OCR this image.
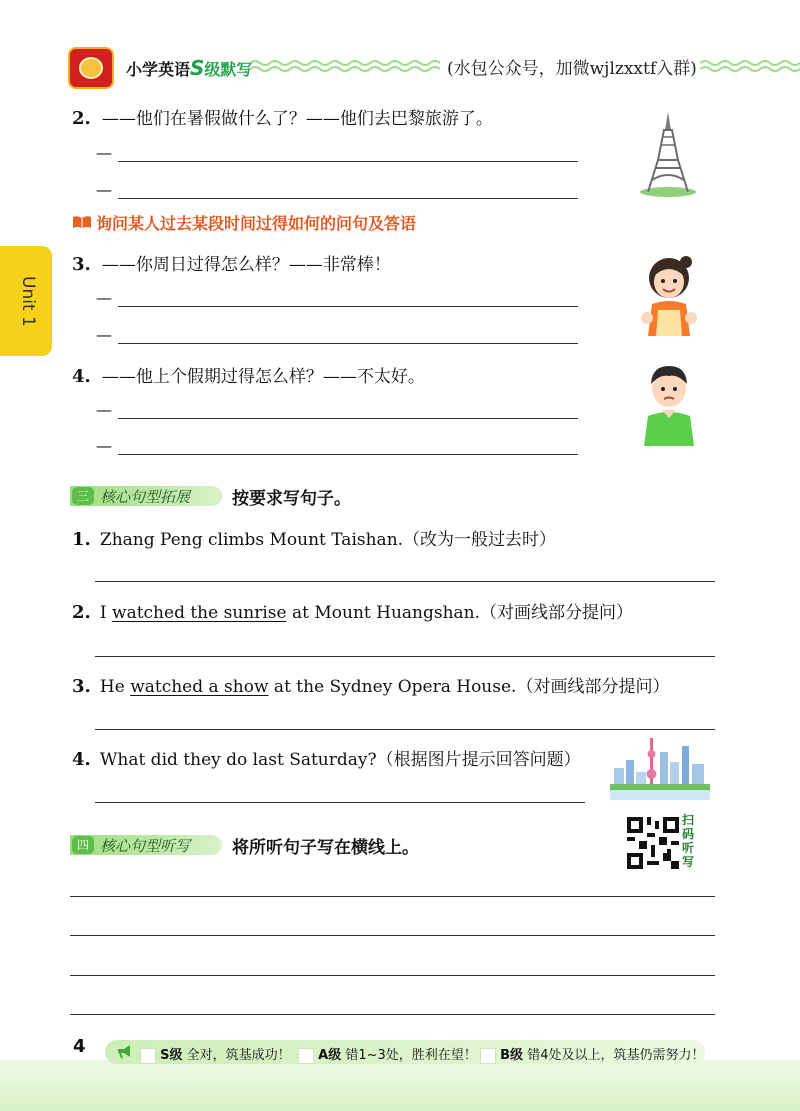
小学英语S级默写	(水包公众号，加微wjlzxxtf入群)
Unit 1
2. ——他们在暑假做什么了？——他们去巴黎旅游了。
—
—
询问某人过去某段时间过得如何的问句及答语
3. ——你周日过得怎么样？——非常棒！
—
—
4. ——他上个假期过得怎么样？——不太好。
—
—
三 核心句型拓展 按要求写句子。
1. Zhang Peng climbs Mount Taishan.（改为一般过去时）
2. I watched the sunrise at Mount Huangshan.（对画线部分提问）
3. He watched a show at the Sydney Opera House.（对画线部分提问）
4. What did they do last Saturday?（根据图片提示回答问题）
四 核心句型听写 将所听句子写在横线上。
扫码听写
4	S级 全对，筑基成功！	A级 错1~3处，胜利在望！	B级 错4处及以上，筑基仍需努力！
